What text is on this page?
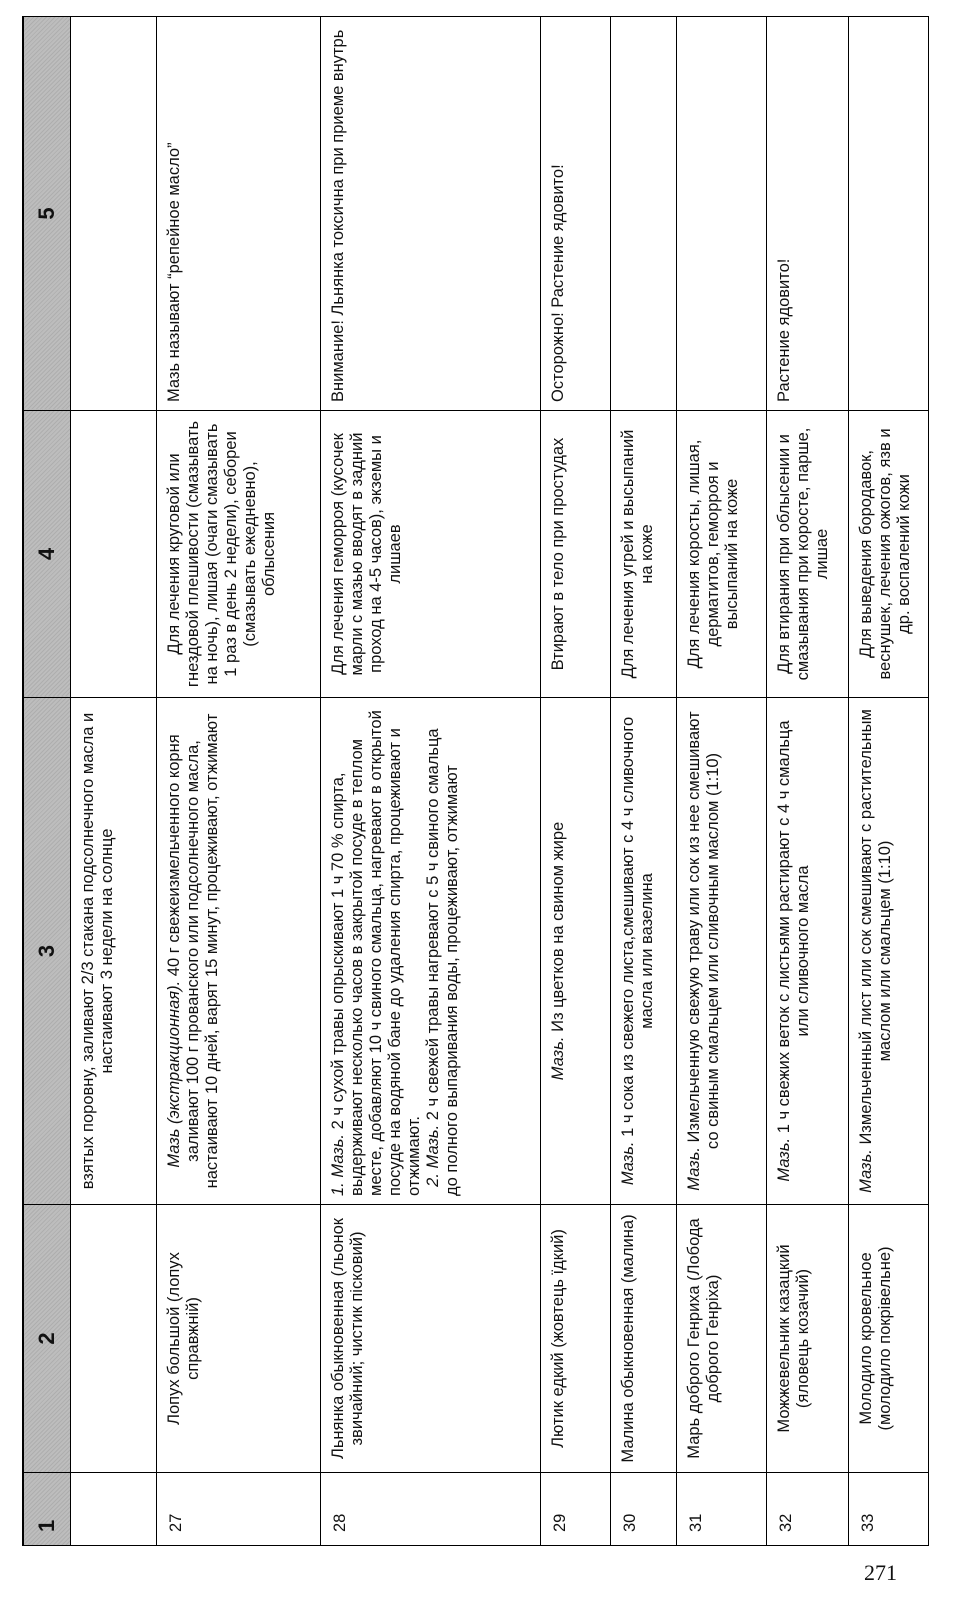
1	2	3	4	5
		взятых поровну, заливают 2/3 стакана подсолнечного масла и настаивают 3 недели на солнце		
27	Лопух большой (лопух справжній)	Мазь (экстракционная). 40 г свежеизмельченного корня заливают 100 г прованского или подсолнечного масла, настаивают 10 дней, варят 15 минут, процеживают, отжимают	Для лечения круговой или гнездовой плешивости (смазывать на ночь), лишая (очаги смазывать 1 раз в день 2 недели), себореи (смазывать ежедневно), облысения	Мазь называют “репейное масло”
28	Льнянка обыкновенная (льонок звичайний; чистик пісковий)	1. Мазь. 2 ч сухой травы опрыскивают 1 ч 70 % спирта, выдерживают несколько часов в закрытой посуде в теплом месте, добавляют 10 ч свиного смальца, нагревают в открытой посуде на водяной бане до удаления спирта, процеживают и отжимают.
2. Мазь. 2 ч свежей травы нагревают с 5 ч свиного смальца до полного выпаривания воды, процеживают, отжимают	Для лечения геморроя (кусочек марли с мазью вводят в задний проход на 4-5 часов), экземы и лишаев	Внимание! Льнянка токсична при приеме внутрь
29	Лютик едкий (жовтець їдкий)	Мазь. Из цветков на свином жире	Втирают в тело при простудах	Осторожно! Растение ядовито!
30	Малина обыкновенная (малина)	Мазь. 1 ч сока из свежего листа,смешивают с 4 ч сливочного масла или вазелина	Для лечения угрей и высыпаний на коже	
31	Марь доброго Генриха (Лобода доброго Генріха)	Мазь. Измельченную свежую траву или сок из нее смешивают со свиным смальцем или сливочным маслом (1:10)	Для лечения коросты, лишая, дерматитов, геморроя и высыпаний на коже	
32	Можжевельник казацкий (яловець козачий)	Мазь. 1 ч свежих веток с листьями растирают с 4 ч смальца или сливочного масла	Для втирания при облысении и смазывания при коросте, парше, лишае	Растение ядовито!
33	Молодило кровельное (молодило покрівельне)	Мазь. Измельченный лист или сок смешивают с растительным маслом или смальцем (1:10)	Для выведения бородавок, веснушек, лечения ожогов, язв и др. воспалений кожи	
271
